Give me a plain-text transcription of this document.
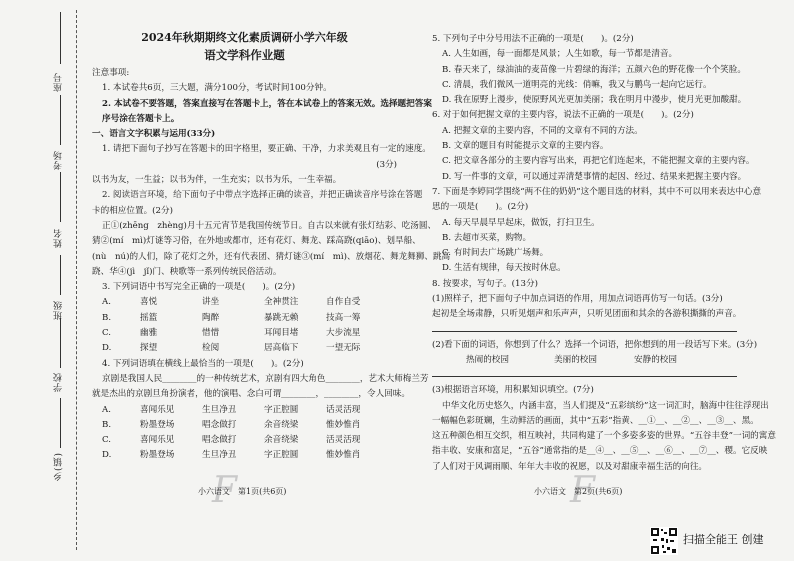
座号
考场
姓名
班级
学校
乡(镇)

2024年秋期期终文化素质调研小学六年级

语文学科作业题

注意事项:

1. 本试卷共6页，三大题，满分100分，考试时间100分钟。

2. 本试卷不要答题，答案直接写在答题卡上，答在本试卷上的答案无效。选择题把答案

序号涂在答题卡上。

一、语言文字积累与运用(33分)

1. 请把下面句子抄写在答题卡的田字格里，要正确、干净，力求美观且有一定的速度。

(3分)

以书为友，一生益；以书为伴，一生充实；以书为乐，一生幸福。

2. 阅读语言环境，给下面句子中带点字选择正确的读音，并把正确读音序号涂在答题

卡的相应位置。(2分)

正①(zhēng　zhèng)月十五元宵节是我国传统节日。自古以来就有张灯结彩、吃汤圆、

猜②(mí　mì)灯谜等习俗，在外地或都市，还有花灯、舞龙、踩高跷(qiāo)、划旱船、

(nù　nú)的人们，除了花灯之外，还有代表团、猜灯谜③(mí　mì)、放烟花、舞龙舞狮、跳高

跷、华④(jì　jǐ)门、秧歌等一系列传统民俗活动。

3. 下列词语中书写完全正确的一项是(　　)。(2分)

A.	喜悦	讲坐	全神贯注	自作自受
B.	摇篮	陶醉	暴跳无赖	技高一筹
C.	幽雅	惜惜	耳闻目堵	大步流星
D.	探望	检阅	居高临下	一望无际

4. 下列词语填在横线上最恰当的一项是(　　)。(2分)

京剧是我国人民________的一种传统艺术，京剧有四大角色________，艺术大师梅兰芳

就是杰出的京剧旦角扮演者，他的演唱、念白可谓________，________，令人回味。

A.	喜闻乐见	生旦净丑	字正腔圆	话灵活现
B.	粉墨登场	唱念做打	余音绕梁	惟妙惟肖
C.	喜闻乐见	唱念做打	余音绕梁	活灵活现
D.	粉墨登场	生旦净丑	字正腔圆	惟妙惟肖
F
小六语文　第1页(共6页)

5. 下列句子中分号用法不正确的一项是(　　)。(2分)

A. 人生如画，每一面都是风景；人生如歌，每一节都是清音。

B. 春天来了，绿油油的麦苗像一片碧绿的海洋；五颜六色的野花像一个个笑脸。

C. 清晨，我们微风一道明亮的光线：俏嘛，我又与鹏鸟一起向它远行。

D. 我在原野上漫步，使原野风光更加美丽；我在明月中漫步，使月光更加酸甜。

6. 对于如何把握文章的主要内容，说法不正确的一项是(　　)。(2分)

A. 把握文章的主要内容，不同的文章有不同的方法。

B. 文章的题目有时能提示文章的主要内容。

C. 把文章各部分的主要内容写出来，再把它们连起来，不能把握文章的主要内容。

D. 写一件事的文章，可以通过弄清楚事情的起因、经过、结果来把握主要内容。

7. 下面是李婷同学围绕“两不住的奶奶”这个题目选的材料，其中不可以用来表达中心意

思的一项是(　　)。(2分)

A. 每天早晨早早起床，做饭，打扫卫生。

B. 去超市买菜，购物。

C. 有时间去广场跳广场舞。

D. 生活有规律，每天按时休息。

8. 按要求，写句子。(13分)

(1)照样子，把下面句子中加点词语的作用，用加点词语再仿写一句话。(3分)

起初是全场肃静，只听见烟声和乐声声，只听见团面和其余的各游积撕撕的声音。

(2)看下面的词语，你想到了什么？选择一个词语，把你想到的用一段话写下来。(3分)

热闹的校园	美丽的校园	安静的校园

(3)根据语言环境，用积累知识填空。(7分)

中华文化历史悠久，内涵丰富，当人们提及“五彩缤纷”这一词汇时，脑海中往往浮现出

一幅幅色彩斑斓，生动鲜活的画面，其中“五彩”指黄、__①__、__②__、__③__、黑。

这五种颜色相互交织，相互映衬，共同构建了一个多姿多姿的世界。“五谷丰登”一词的寓意

指丰收、安康和富足，“五谷”通常指的是__④__、__⑤__、__⑥__、__⑦__、稷。它反映

了人们对于风调雨顺、年年大丰收的祝愿，以及对甜康幸福生活的向往。

F
小六语文　第2页(共6页)
扫描全能王 创建
